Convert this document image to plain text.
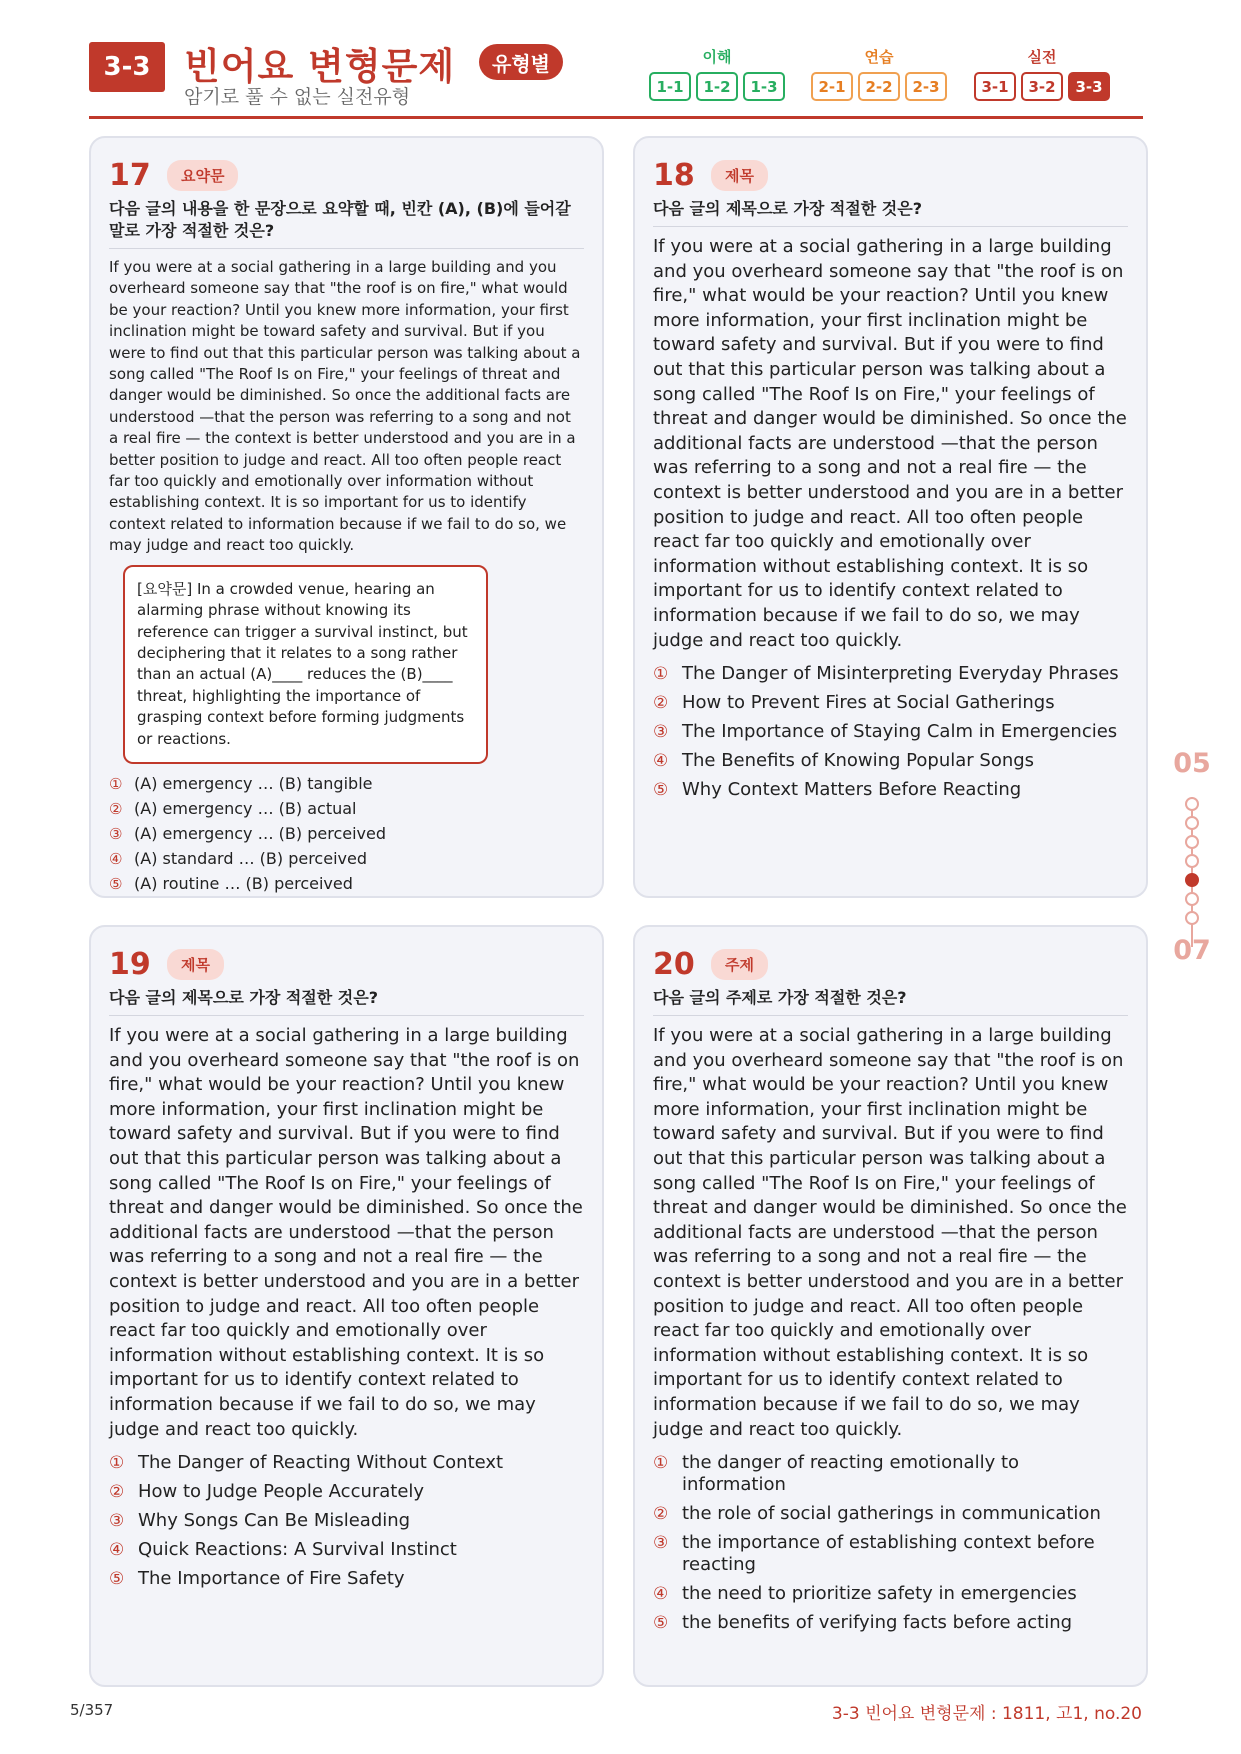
3-3 빈어요 변형문제	유형별
암기로 풀 수 없는 실전유형
이해
1-1	1-2	1-3
연습
2-1	2-2	2-3
실전
3-1	3-2	3-3
17	요약문
다음 글의 내용을 한 문장으로 요약할 때, 빈칸 (A), (B)에 들어갈 말로 가장 적절한 것은?
If you were at a social gathering in a large building and you overheard someone say that "the roof is on fire," what would be your reaction? Until you knew more information, your first inclination might be toward safety and survival. But if you were to find out that this particular person was talking about a song called "The Roof Is on Fire," your feelings of threat and danger would be diminished. So once the additional facts are understood —that the person was referring to a song and not a real fire — the context is better understood and you are in a better position to judge and react. All too often people react far too quickly and emotionally over information without establishing context. It is so important for us to identify context related to information because if we fail to do so, we may judge and react too quickly.
[요약문] In a crowded venue, hearing an alarming phrase without knowing its reference can trigger a survival instinct, but deciphering that it relates to a song rather than an actual (A)____ reduces the (B)____ threat, highlighting the importance of grasping context before forming judgments or reactions.
① (A) emergency … (B) tangible
② (A) emergency … (B) actual
③ (A) emergency … (B) perceived
④ (A) standard … (B) perceived
⑤ (A) routine … (B) perceived
18	제목
다음 글의 제목으로 가장 적절한 것은?
If you were at a social gathering in a large building and you overheard someone say that "the roof is on fire," what would be your reaction? Until you knew more information, your first inclination might be toward safety and survival. But if you were to find out that this particular person was talking about a song called "The Roof Is on Fire," your feelings of threat and danger would be diminished. So once the additional facts are understood —that the person was referring to a song and not a real fire — the context is better understood and you are in a better position to judge and react. All too often people react far too quickly and emotionally over information without establishing context. It is so important for us to identify context related to information because if we fail to do so, we may judge and react too quickly.
① The Danger of Misinterpreting Everyday Phrases
② How to Prevent Fires at Social Gatherings
③ The Importance of Staying Calm in Emergencies
④ The Benefits of Knowing Popular Songs
⑤ Why Context Matters Before Reacting
19	제목
다음 글의 제목으로 가장 적절한 것은?
If you were at a social gathering in a large building and you overheard someone say that "the roof is on fire," what would be your reaction? Until you knew more information, your first inclination might be toward safety and survival. But if you were to find out that this particular person was talking about a song called "The Roof Is on Fire," your feelings of threat and danger would be diminished. So once the additional facts are understood —that the person was referring to a song and not a real fire — the context is better understood and you are in a better position to judge and react. All too often people react far too quickly and emotionally over information without establishing context. It is so important for us to identify context related to information because if we fail to do so, we may judge and react too quickly.
① The Danger of Reacting Without Context
② How to Judge People Accurately
③ Why Songs Can Be Misleading
④ Quick Reactions: A Survival Instinct
⑤ The Importance of Fire Safety
20	주제
다음 글의 주제로 가장 적절한 것은?
If you were at a social gathering in a large building and you overheard someone say that "the roof is on fire," what would be your reaction? Until you knew more information, your first inclination might be toward safety and survival. But if you were to find out that this particular person was talking about a song called "The Roof Is on Fire," your feelings of threat and danger would be diminished. So once the additional facts are understood —that the person was referring to a song and not a real fire — the context is better understood and you are in a better position to judge and react. All too often people react far too quickly and emotionally over information without establishing context. It is so important for us to identify context related to information because if we fail to do so, we may judge and react too quickly.
① the danger of reacting emotionally to information
② the role of social gatherings in communication
③ the importance of establishing context before reacting
④ the need to prioritize safety in emergencies
⑤ the benefits of verifying facts before acting
05
07
5/357	3-3 빈어요 변형문제 : 1811, 고1, no.20
